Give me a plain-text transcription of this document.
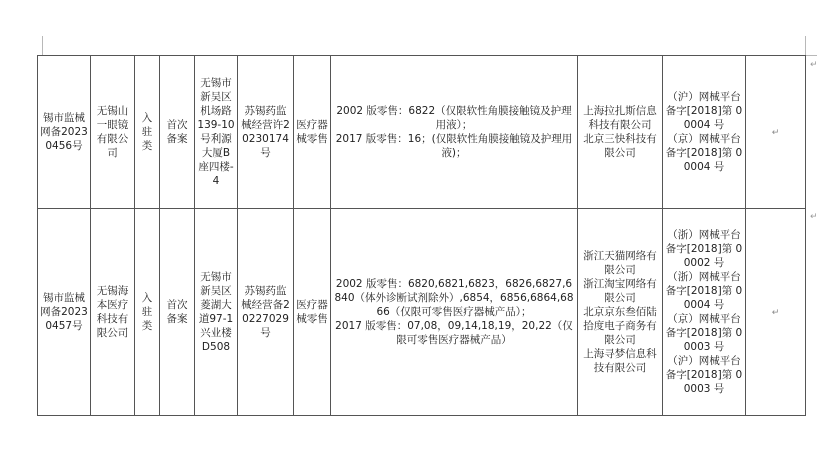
锡市监械网备20230456号	无锡山一眼镜有限公司	入驻类	首次备案	无锡市新吴区机场路139-10号利源大厦B座四楼-4	苏锡药监械经营许20230174号	医疗器械零售	2002 版零售：6822（仅限软性角膜接触镜及护理用液）；
2017 版零售：16；(仅限软性角膜接触镜及护理用液)；	上海拉扎斯信息科技有限公司
北京三快科技有限公司	（沪）网械平台备字[2018]第 00004 号
（京）网械平台备字[2018]第 00004 号	↵
锡市监械网备20230457号	无锡海本医疗科技有限公司	入驻类	首次备案	无锡市新吴区菱湖大道97-1兴业楼D508	苏锡药监械经营备20227029号	医疗器械零售	2002 版零售：6820,6821,6823，6826,6827,6840（体外诊断试剂除外）,6854，6856,6864,6866（仅限可零售医疗器械产品）；
2017 版零售：07,08，09,14,18,19，20,22（仅限可零售医疗器械产品）	浙江天猫网络有限公司
浙江淘宝网络有限公司
北京京东叁佰陆拾度电子商务有限公司
上海寻梦信息科技有限公司	（浙）网械平台备字[2018]第 00002 号
（浙）网械平台备字[2018]第 00004 号
（京）网械平台备字[2018]第 00003 号
（沪）网械平台备字[2018]第 00003 号	↵
↵
↵
